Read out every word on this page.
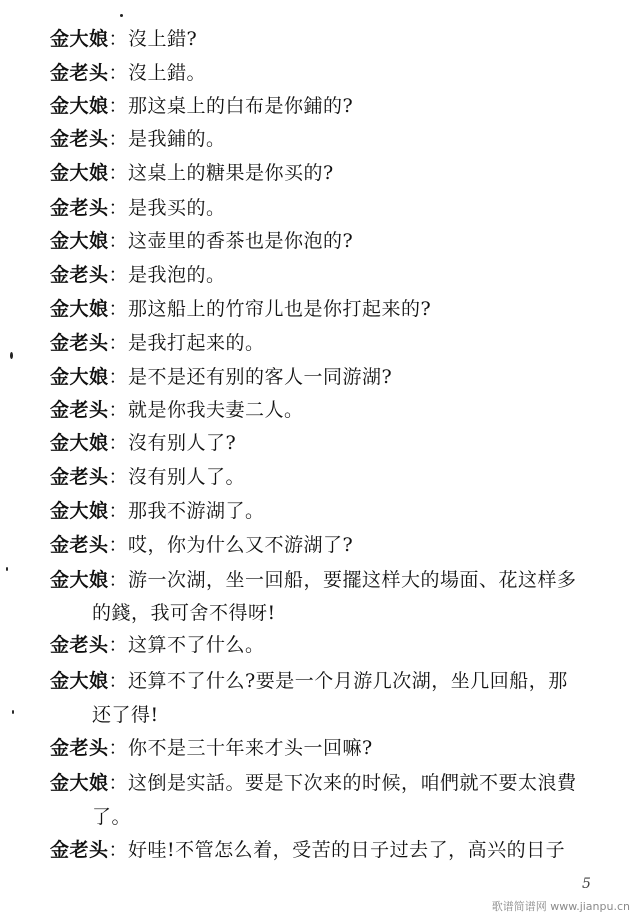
金大娘：沒上錯?
金老头：沒上錯。
金大娘：那这桌上的白布是你鋪的?
金老头：是我鋪的。
金大娘：这桌上的糖果是你买的?
金老头：是我买的。
金大娘：这壶里的香茶也是你泡的?
金老头：是我泡的。
金大娘：那这船上的竹帘儿也是你打起来的?
金老头：是我打起来的。
金大娘：是不是还有别的客人一同游湖?
金老头：就是你我夫妻二人。
金大娘：沒有别人了?
金老头：沒有别人了。
金大娘：那我不游湖了。
金老头：哎，你为什么又不游湖了?
金大娘：游一次湖，坐一回船，要擺这样大的場面、花这样多
的錢，我可舍不得呀!
金老头：这算不了什么。
金大娘：还算不了什么?要是一个月游几次湖，坐几回船，那
还了得!
金老头：你不是三十年来才头一回嘛?
金大娘：这倒是实話。要是下次来的时候，咱們就不要太浪費
了。
金老头：好哇!不管怎么着，受苦的日子过去了，高兴的日子
5
歌谱简谱网 www.jianpu.cn
